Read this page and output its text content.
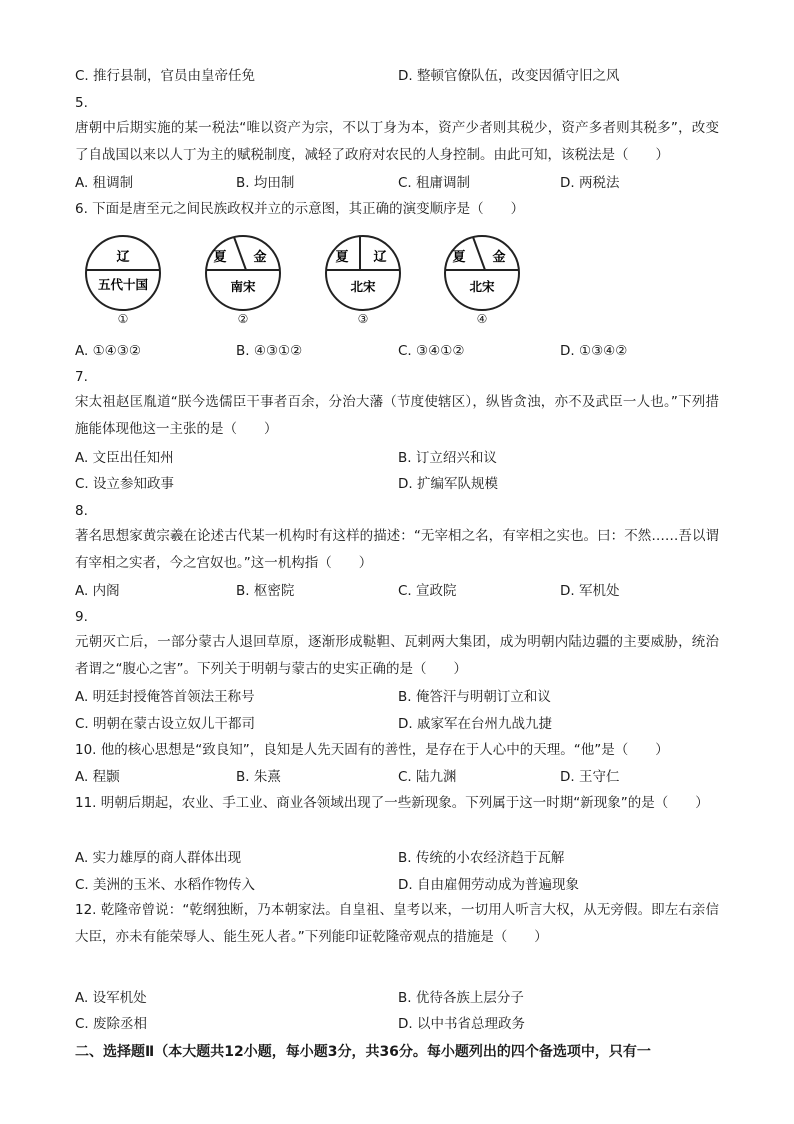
C. 推行县制，官员由皇帝任免	D. 整顿官僚队伍，改变因循守旧之风
5.
唐朝中后期实施的某一税法“唯以资产为宗，不以丁身为本，资产少者则其税少，资产多者则其税多”，改变了自战国以来以人丁为主的赋税制度，减轻了政府对农民的人身控制。由此可知，该税法是（　　）
A. 租调制	B. 均田制	C. 租庸调制	D. 两税法
6. 下面是唐至元之间民族政权并立的示意图，其正确的演变顺序是（　　）
辽
五代十国
①
夏 金
南宋
②
夏 辽
北宋
③
夏 金
北宋
④
A. ①④③②	B. ④③①②	C. ③④①②	D. ①③④②
7.
宋太祖赵匡胤道“朕今选儒臣干事者百余，分治大藩（节度使辖区），纵皆贪浊，亦不及武臣一人也。”下列措施能体现他这一主张的是（　　）
A. 文臣出任知州	B. 订立绍兴和议
C. 设立参知政事	D. 扩编军队规模
8.
著名思想家黄宗羲在论述古代某一机构时有这样的描述：“无宰相之名，有宰相之实也。曰：不然……吾以谓有宰相之实者，今之宫奴也。”这一机构指（　　）
A. 内阁	B. 枢密院	C. 宣政院	D. 军机处
9.
元朝灭亡后，一部分蒙古人退回草原，逐渐形成鞑靼、瓦剌两大集团，成为明朝内陆边疆的主要威胁，统治者谓之“腹心之害”。下列关于明朝与蒙古的史实正确的是（　　）
A. 明廷封授俺答首领法王称号	B. 俺答汗与明朝订立和议
C. 明朝在蒙古设立奴儿干都司	D. 戚家军在台州九战九捷
10. 他的核心思想是“致良知”，良知是人先天固有的善性，是存在于人心中的天理。“他”是（　　）
A. 程颢	B. 朱熹	C. 陆九渊	D. 王守仁
11. 明朝后期起，农业、手工业、商业各领域出现了一些新现象。下列属于这一时期“新现象”的是（　　）
A. 实力雄厚的商人群体出现	B. 传统的小农经济趋于瓦解
C. 美洲的玉米、水稻作物传入	D. 自由雇佣劳动成为普遍现象
12. 乾隆帝曾说：“乾纲独断，乃本朝家法。自皇祖、皇考以来，一切用人听言大权，从无旁假。即左右亲信大臣，亦未有能荣辱人、能生死人者。”下列能印证乾隆帝观点的措施是（　　）
A. 设军机处	B. 优待各族上层分子
C. 废除丞相	D. 以中书省总理政务
二、选择题Ⅱ（本大题共12小题，每小题3分，共36分。每小题列出的四个备选项中，只有一
